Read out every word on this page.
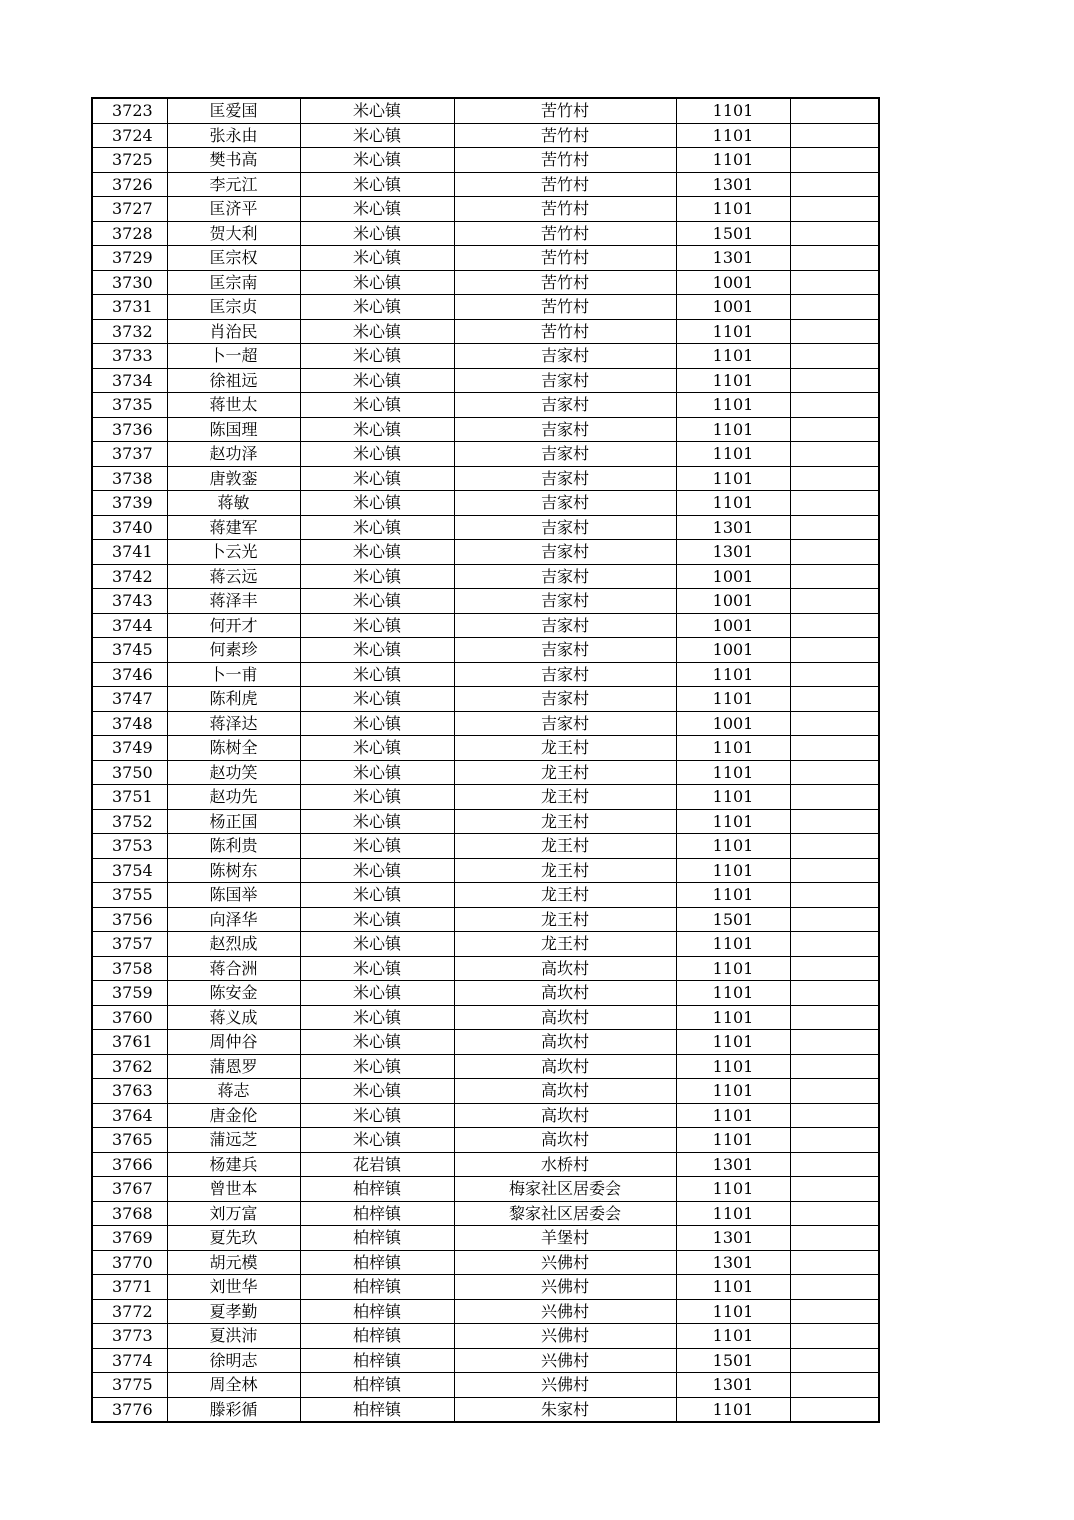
3723	匡爱国	米心镇	苦竹村	1101	
3724	张永由	米心镇	苦竹村	1101	
3725	樊书高	米心镇	苦竹村	1101	
3726	李元江	米心镇	苦竹村	1301	
3727	匡济平	米心镇	苦竹村	1101	
3728	贺大利	米心镇	苦竹村	1501	
3729	匡宗权	米心镇	苦竹村	1301	
3730	匡宗南	米心镇	苦竹村	1001	
3731	匡宗贞	米心镇	苦竹村	1001	
3732	肖治民	米心镇	苦竹村	1101	
3733	卜一超	米心镇	吉家村	1101	
3734	徐祖远	米心镇	吉家村	1101	
3735	蒋世太	米心镇	吉家村	1101	
3736	陈国理	米心镇	吉家村	1101	
3737	赵功泽	米心镇	吉家村	1101	
3738	唐敦銮	米心镇	吉家村	1101	
3739	蒋敏	米心镇	吉家村	1101	
3740	蒋建军	米心镇	吉家村	1301	
3741	卜云光	米心镇	吉家村	1301	
3742	蒋云远	米心镇	吉家村	1001	
3743	蒋泽丰	米心镇	吉家村	1001	
3744	何开才	米心镇	吉家村	1001	
3745	何素珍	米心镇	吉家村	1001	
3746	卜一甫	米心镇	吉家村	1101	
3747	陈利虎	米心镇	吉家村	1101	
3748	蒋泽达	米心镇	吉家村	1001	
3749	陈树全	米心镇	龙王村	1101	
3750	赵功笑	米心镇	龙王村	1101	
3751	赵功先	米心镇	龙王村	1101	
3752	杨正国	米心镇	龙王村	1101	
3753	陈利贵	米心镇	龙王村	1101	
3754	陈树东	米心镇	龙王村	1101	
3755	陈国举	米心镇	龙王村	1101	
3756	向泽华	米心镇	龙王村	1501	
3757	赵烈成	米心镇	龙王村	1101	
3758	蒋合洲	米心镇	高坎村	1101	
3759	陈安金	米心镇	高坎村	1101	
3760	蒋义成	米心镇	高坎村	1101	
3761	周仲谷	米心镇	高坎村	1101	
3762	蒲恩罗	米心镇	高坎村	1101	
3763	蒋志	米心镇	高坎村	1101	
3764	唐金伦	米心镇	高坎村	1101	
3765	蒲远芝	米心镇	高坎村	1101	
3766	杨建兵	花岩镇	水桥村	1301	
3767	曾世本	柏梓镇	梅家社区居委会	1101	
3768	刘万富	柏梓镇	黎家社区居委会	1101	
3769	夏先玖	柏梓镇	羊堡村	1301	
3770	胡元模	柏梓镇	兴佛村	1301	
3771	刘世华	柏梓镇	兴佛村	1101	
3772	夏孝勤	柏梓镇	兴佛村	1101	
3773	夏洪沛	柏梓镇	兴佛村	1101	
3774	徐明志	柏梓镇	兴佛村	1501	
3775	周全林	柏梓镇	兴佛村	1301	
3776	滕彩循	柏梓镇	朱家村	1101	
